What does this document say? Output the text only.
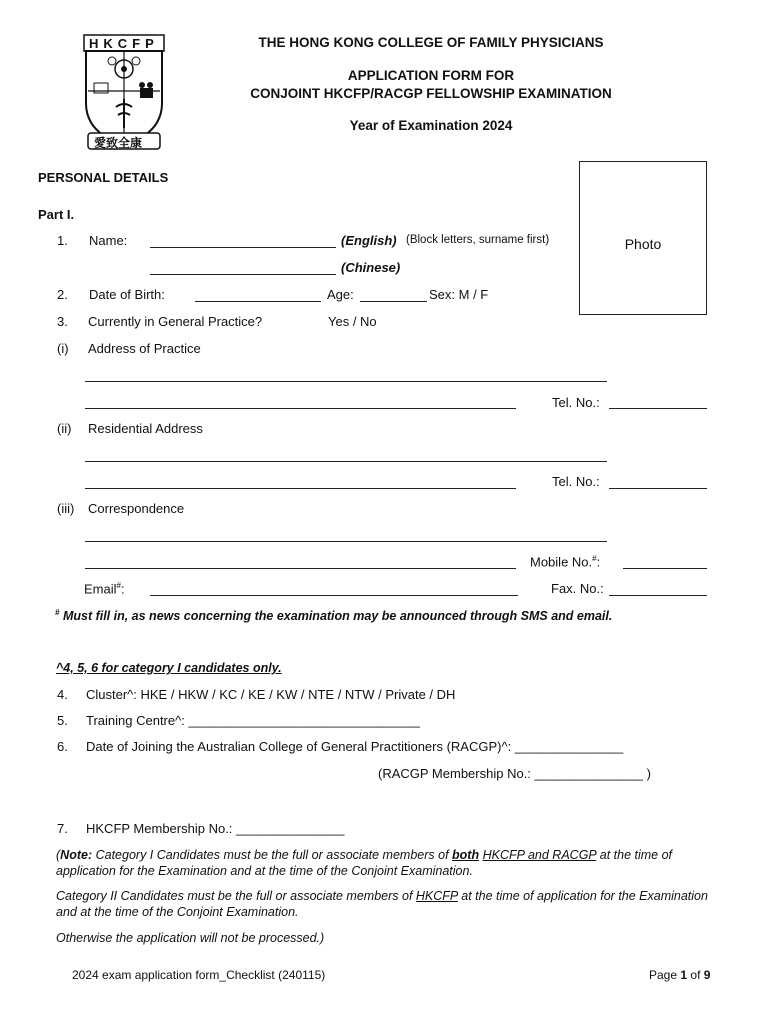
HKCFP
愛致全康
THE HONG KONG COLLEGE OF FAMILY PHYSICIANS
APPLICATION FORM FOR
CONJOINT HKCFP/RACGP FELLOWSHIP EXAMINATION
Year of Examination 2024
Photo
PERSONAL DETAILS
Part I.
1. Name:	(English) (Block letters, surname first)
(Chinese)
2. Date of Birth:	Age:	Sex: M / F
3. Currently in General Practice?	Yes / No
(i) Address of Practice
Tel. No.:
(ii) Residential Address
Tel. No.:
(iii) Correspondence
Mobile No.#:
Email#:	Fax. No.:
# Must fill in, as news concerning the examination may be announced through SMS and email.
^4, 5, 6 for category I candidates only.
4. Cluster^: HKE / HKW / KC / KE / KW / NTE / NTW / Private / DH
5. Training Centre^: ________________________________
6. Date of Joining the Australian College of General Practitioners (RACGP)^: _______________
(RACGP Membership No.: _______________ )
7. HKCFP Membership No.: _______________
(Note: Category I Candidates must be the full or associate members of both HKCFP and RACGP at the time of application for the Examination and at the time of the Conjoint Examination.
Category II Candidates must be the full or associate members of HKCFP at the time of application for the Examination and at the time of the Conjoint Examination.
Otherwise the application will not be processed.)
2024 exam application form_Checklist (240115)	Page 1 of 9
